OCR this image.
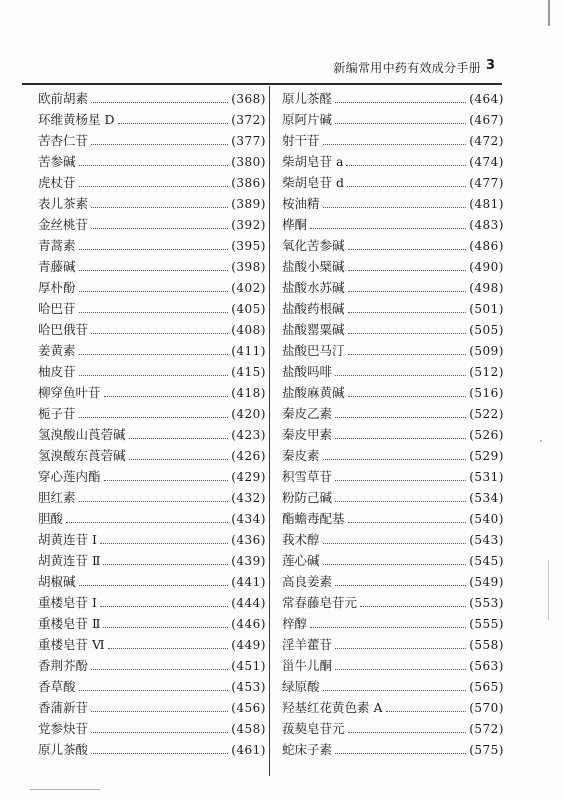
新编常用中药有效成分手册 3
欧前胡素	(368)
环维黄杨星 D	(372)
苦杏仁苷	(377)
苦参碱	(380)
虎杖苷	(386)
表儿茶素	(389)
金丝桃苷	(392)
青蒿素	(395)
青藤碱	(398)
厚朴酚	(402)
哈巴苷	(405)
哈巴俄苷	(408)
姜黄素	(411)
柚皮苷	(415)
柳穿鱼叶苷	(418)
栀子苷	(420)
氢溴酸山莨菪碱	(423)
氢溴酸东莨菪碱	(426)
穿心莲内酯	(429)
胆红素	(432)
胆酸	(434)
胡黄连苷 I	(436)
胡黄连苷 Ⅱ	(439)
胡椒碱	(441)
重楼皂苷 I	(444)
重楼皂苷 Ⅱ	(446)
重楼皂苷 Ⅵ	(449)
香荆芥酚	(451)
香草酸	(453)
香蒲新苷	(456)
党参炔苷	(458)
原儿茶酸	(461)
原儿茶醛	(464)
原阿片碱	(467)
射干苷	(472)
柴胡皂苷 a	(474)
柴胡皂苷 d	(477)
桉油精	(481)
桦酮	(483)
氧化苦参碱	(486)
盐酸小檗碱	(490)
盐酸水苏碱	(498)
盐酸药根碱	(501)
盐酸罂粟碱	(505)
盐酸巴马汀	(509)
盐酸吗啡	(512)
盐酸麻黄碱	(516)
秦皮乙素	(522)
秦皮甲素	(526)
秦皮素	(529)
积雪草苷	(531)
粉防己碱	(534)
酯蟾毒配基	(540)
莪术醇	(543)
莲心碱	(545)
高良姜素	(549)
常春藤皂苷元	(553)
梓醇	(555)
淫羊藿苷	(558)
甾牛儿酮	(563)
绿原酸	(565)
羟基红花黄色素 A	(570)
菝葜皂苷元	(572)
蛇床子素	(575)
